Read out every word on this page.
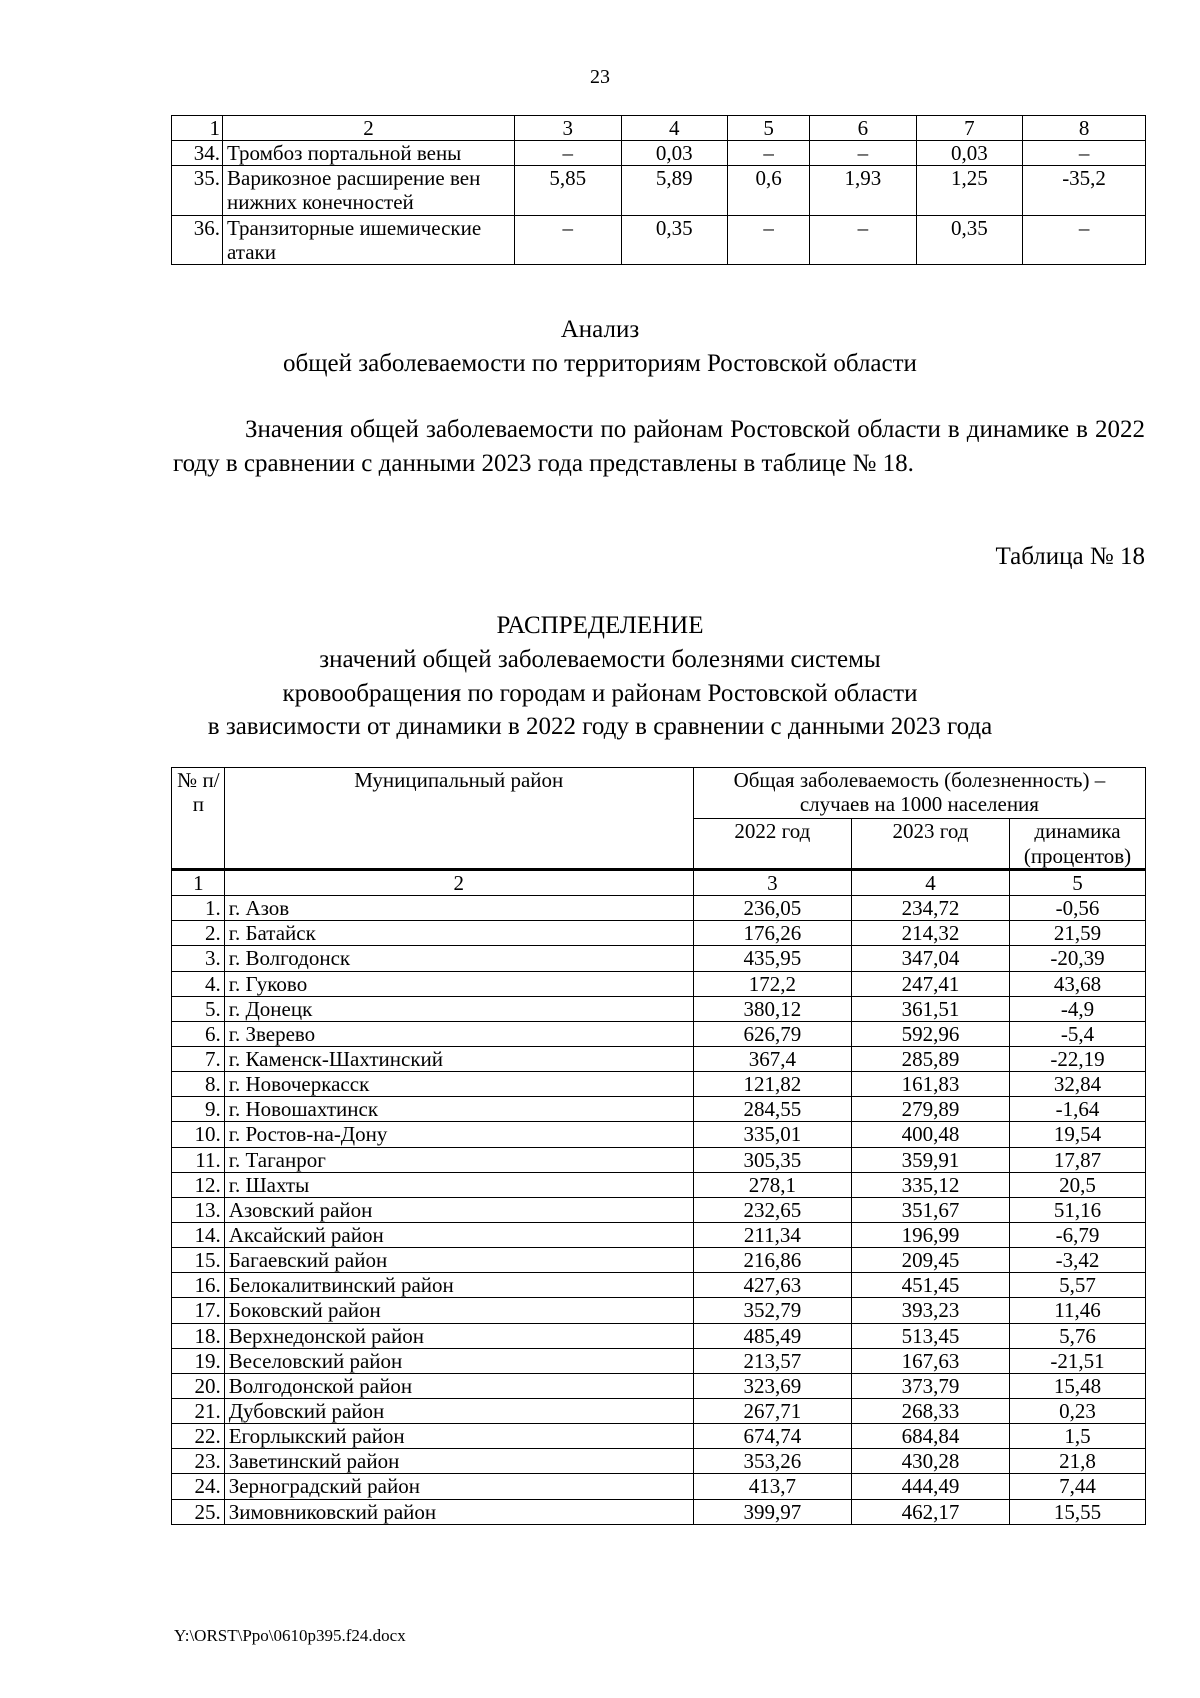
23
1	2	3	4	5	6	7	8
34.	Тромбоз портальной вены	–	0,03	–	–	0,03	–
35.	Варикозное расширение вен нижних конечностей	5,85	5,89	0,6	1,93	1,25	-35,2
36.	Транзиторные ишемические атаки	–	0,35	–	–	0,35	–
Анализ
общей заболеваемости по территориям Ростовской области
Значения общей заболеваемости по районам Ростовской области в динамике в 2022 году в сравнении с данными 2023 года представлены в таблице № 18.
Таблица № 18
РАСПРЕДЕЛЕНИЕ
значений общей заболеваемости болезнями системы
кровообращения по городам и районам Ростовской области
в зависимости от динамики в 2022 году в сравнении с данными 2023 года
№ п/п	Муниципальный район	Общая заболеваемость (болезненность) – случаев на 1000 населения		
		2022 год	2023 год	динамика (процентов)
1	2	3	4	5
1.	г. Азов	236,05	234,72	-0,56
2.	г. Батайск	176,26	214,32	21,59
3.	г. Волгодонск	435,95	347,04	-20,39
4.	г. Гуково	172,2	247,41	43,68
5.	г. Донецк	380,12	361,51	-4,9
6.	г. Зверево	626,79	592,96	-5,4
7.	г. Каменск-Шахтинский	367,4	285,89	-22,19
8.	г. Новочеркасск	121,82	161,83	32,84
9.	г. Новошахтинск	284,55	279,89	-1,64
10.	г. Ростов-на-Дону	335,01	400,48	19,54
11.	г. Таганрог	305,35	359,91	17,87
12.	г. Шахты	278,1	335,12	20,5
13.	Азовский район	232,65	351,67	51,16
14.	Аксайский район	211,34	196,99	-6,79
15.	Багаевский район	216,86	209,45	-3,42
16.	Белокалитвинский район	427,63	451,45	5,57
17.	Боковский район	352,79	393,23	11,46
18.	Верхнедонской район	485,49	513,45	5,76
19.	Веселовский район	213,57	167,63	-21,51
20.	Волгодонской район	323,69	373,79	15,48
21.	Дубовский район	267,71	268,33	0,23
22.	Егорлыкский район	674,74	684,84	1,5
23.	Заветинский район	353,26	430,28	21,8
24.	Зерноградский район	413,7	444,49	7,44
25.	Зимовниковский район	399,97	462,17	15,55
Y:\ORST\Ppo\0610p395.f24.docx
